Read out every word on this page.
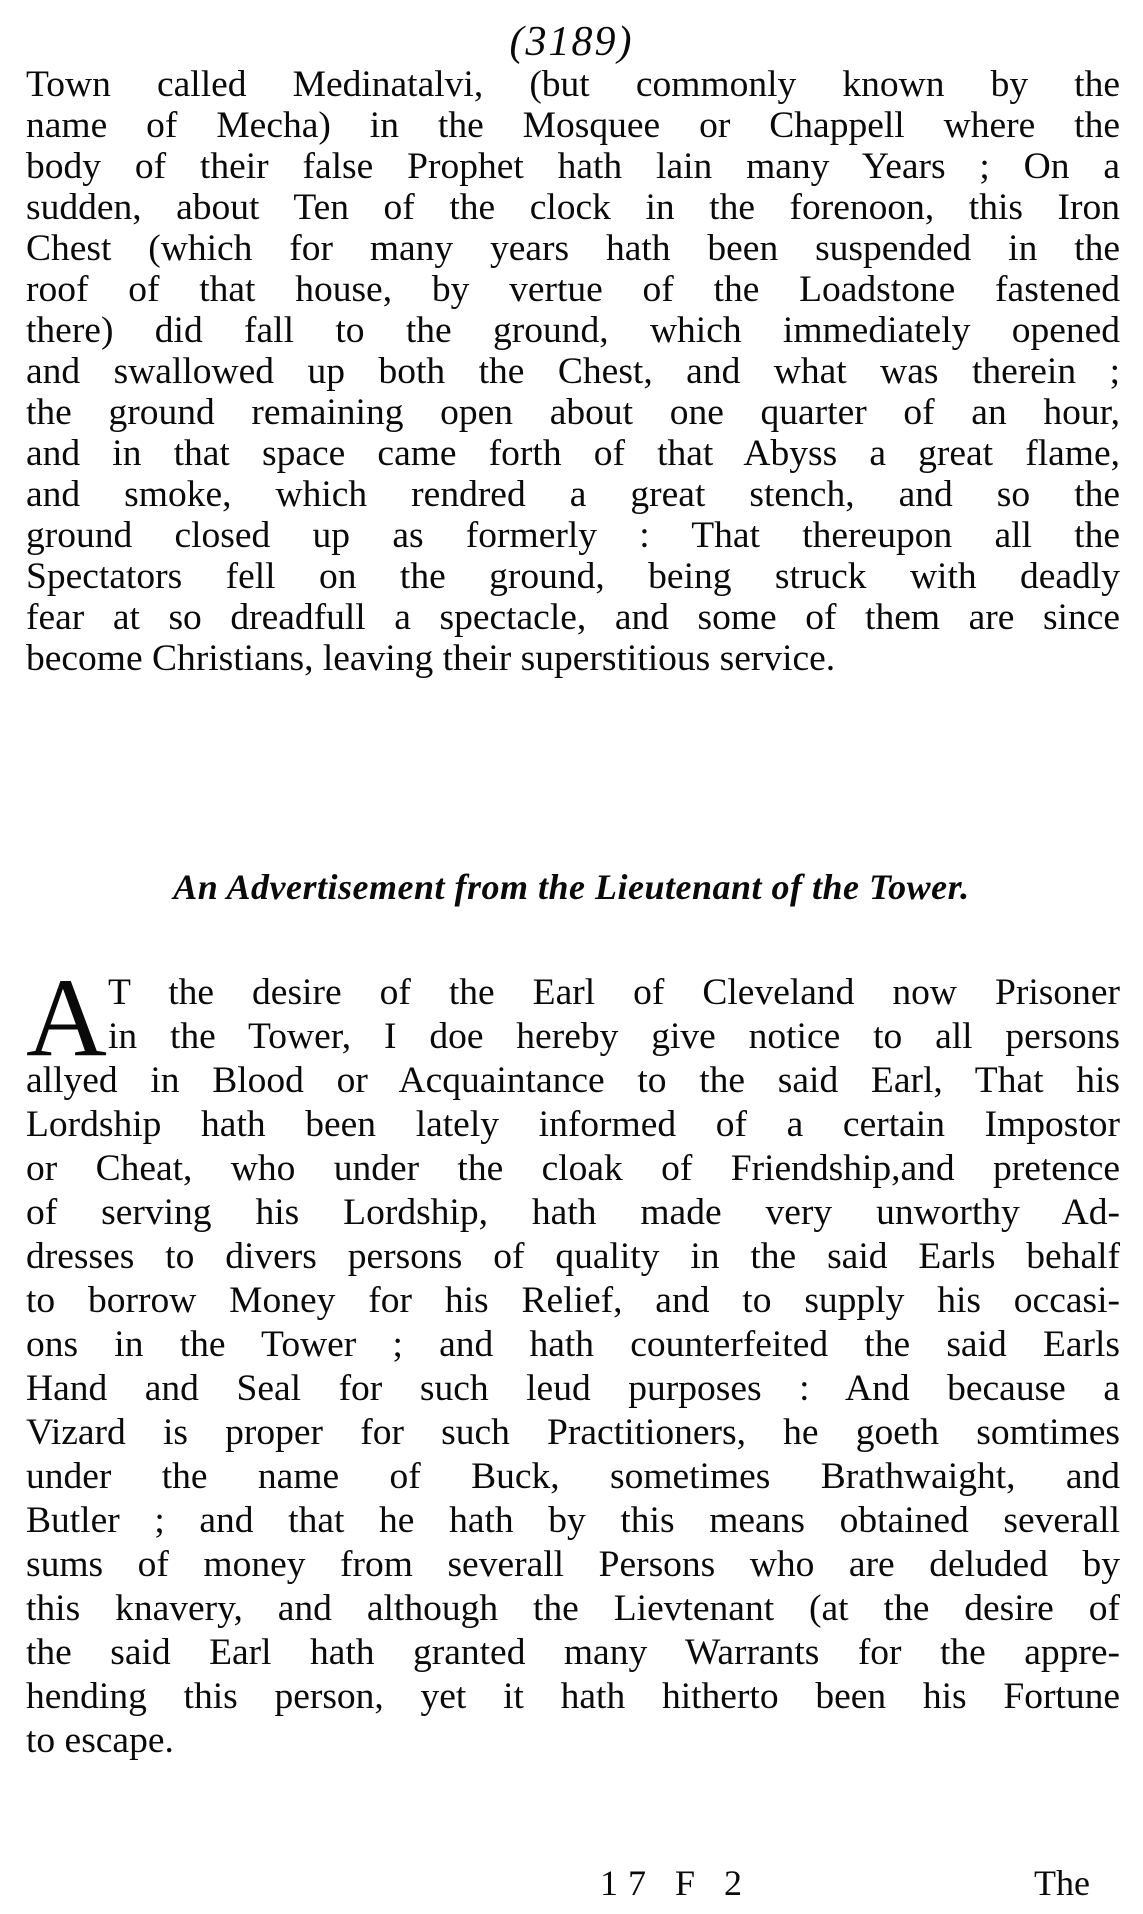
(3189)
Town called Medinatalvi, (but commonly known by the
name of Mecha) in the Mosquee or Chappell where the
body of their false Prophet hath lain many Years ; On a
sudden, about Ten of the clock in the forenoon, this Iron
Chest (which for many years hath been suspended in the
roof of that house, by vertue of the Loadstone fastened
there) did fall to the ground, which immediately opened
and swallowed up both the Chest, and what was therein ;
the ground remaining open about one quarter of an hour,
and in that space came forth of that Abyss a great flame,
and smoke, which rendred a great stench, and so the
ground closed up as formerly : That thereupon all the
Spectators fell on the ground, being struck with deadly
fear at so dreadfull a spectacle, and some of them are since
become Christians, leaving their superstitious service.
An Advertisement from the Lieutenant of the Tower.
A T the desire of the Earl of Cleveland now Prisoner
in the Tower, I doe hereby give notice to all persons
allyed in Blood or Acquaintance to the said Earl, That his
Lordship hath been lately informed of a certain Impostor
or Cheat, who under the cloak of Friendship,and pretence
of serving his Lordship, hath made very unworthy Ad-
dresses to divers persons of quality in the said Earls behalf
to borrow Money for his Relief, and to supply his occasi-
ons in the Tower ; and hath counterfeited the said Earls
Hand and Seal for such leud purposes : And because a
Vizard is proper for such Practitioners, he goeth somtimes
under the name of Buck, sometimes Brathwaight, and
Butler ; and that he hath by this means obtained severall
sums of money from severall Persons who are deluded by
this knavery, and although the Lievtenant (at the desire of
the said Earl hath granted many Warrants for the appre-
hending this person, yet it hath hitherto been his Fortune
to escape.
17 F 2	The
